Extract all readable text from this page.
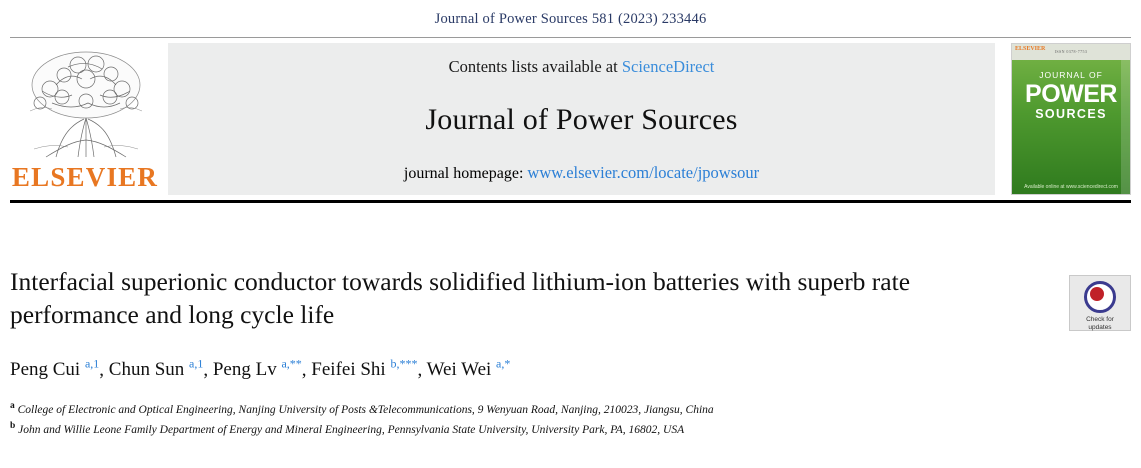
Journal of Power Sources 581 (2023) 233446
ELSEVIER
Contents lists available at ScienceDirect
Journal of Power Sources
journal homepage: www.elsevier.com/locate/jpowsour
ISSN 0378-7753
ELSEVIER
JOURNAL OF
POWER
SOURCES
Available online at www.sciencedirect.com
Check for
updates
Interfacial superionic conductor towards solidified lithium-ion batteries with superb rate performance and long cycle life
Peng Cui $^{a,1}$, Chun Sun $^{a,1}$, Peng Lv $^{a,**}$, Feifei Shi $^{b,***}$, Wei Wei $^{a,*}$
$^a$ College of Electronic and Optical Engineering, Nanjing University of Posts &Telecommunications, 9 Wenyuan Road, Nanjing, 210023, Jiangsu, China
$^b$ John and Willie Leone Family Department of Energy and Mineral Engineering, Pennsylvania State University, University Park, PA, 16802, USA
